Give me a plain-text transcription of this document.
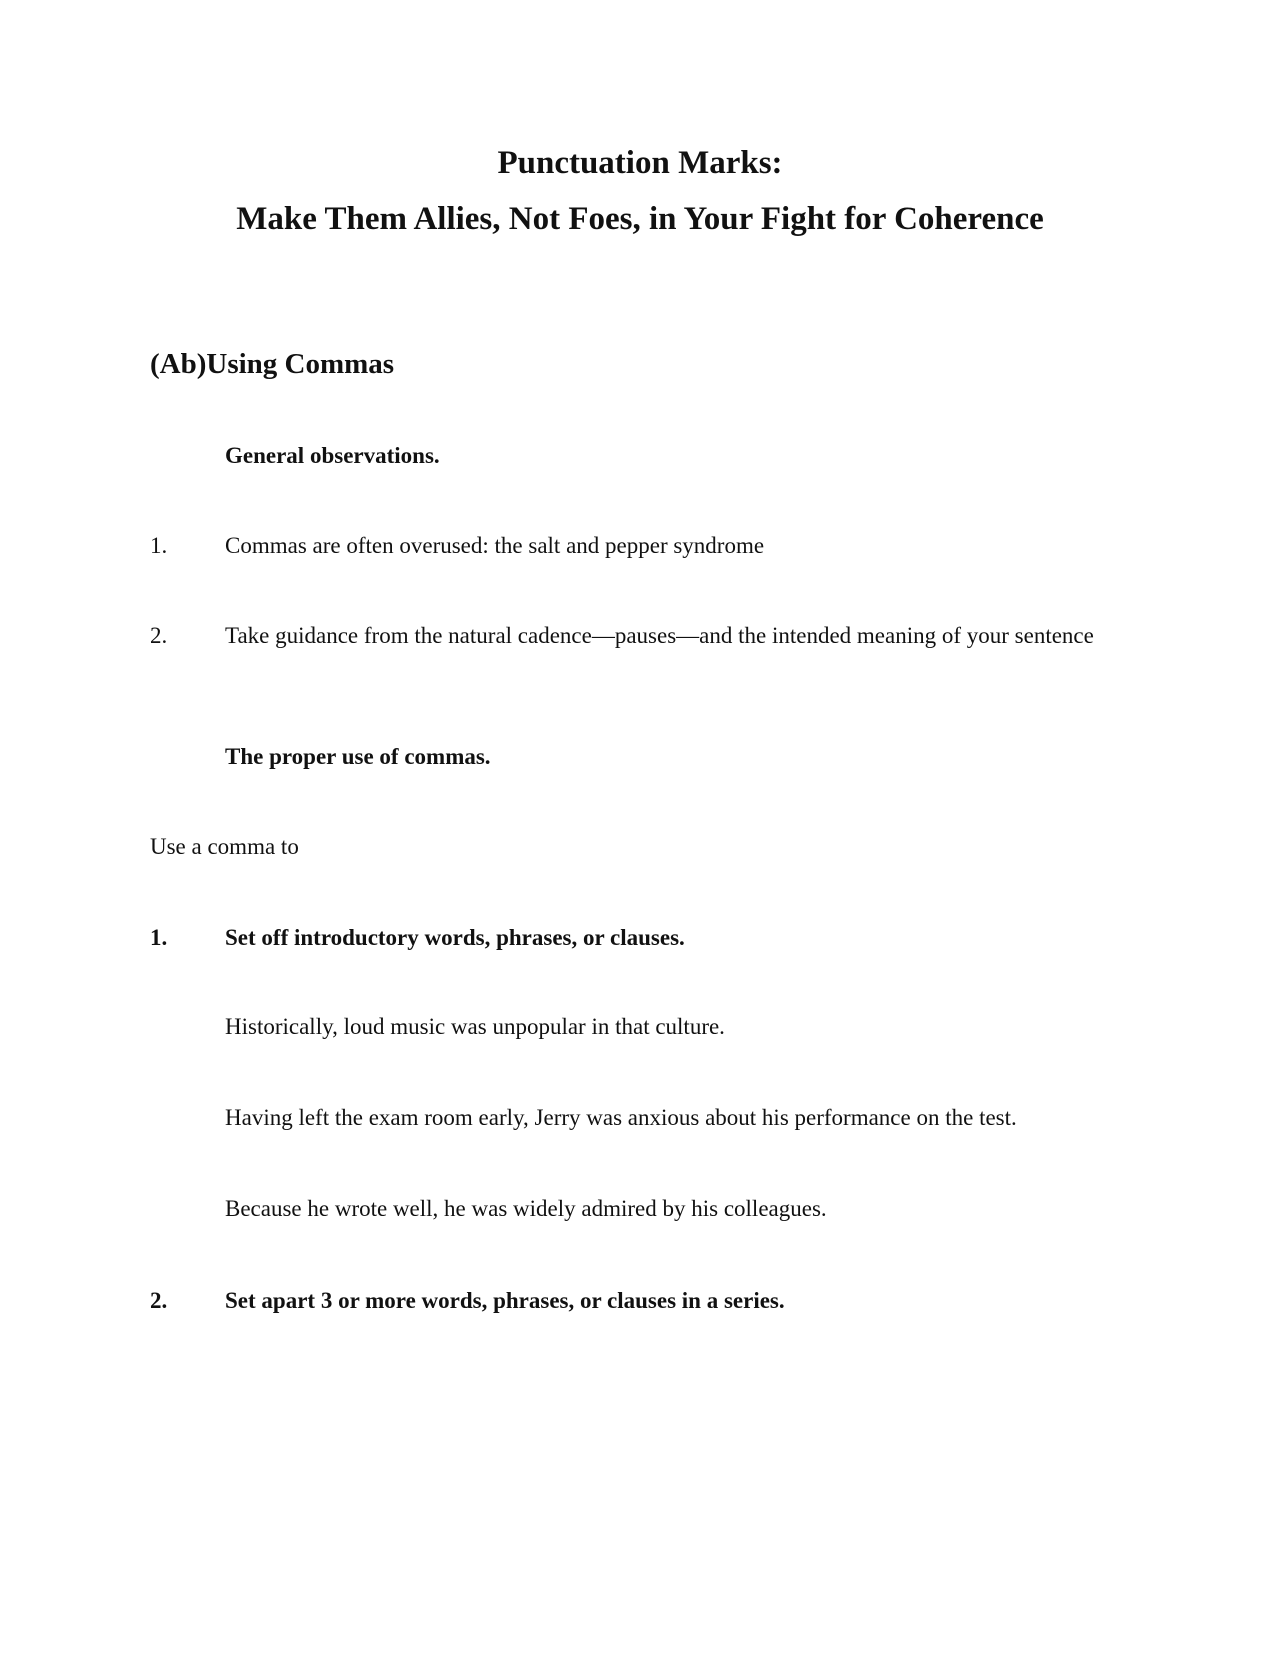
Punctuation Marks:
Make Them Allies, Not Foes, in Your Fight for Coherence
(Ab)Using Commas
General observations.
1.	Commas are often overused: the salt and pepper syndrome
2.	Take guidance from the natural cadence—pauses—and the intended meaning of your sentence
The proper use of commas.
Use a comma to
1.	Set off introductory words, phrases, or clauses.
Historically, loud music was unpopular in that culture.
Having left the exam room early, Jerry was anxious about his performance on the test.
Because he wrote well, he was widely admired by his colleagues.
2.	Set apart 3 or more words, phrases, or clauses in a series.
